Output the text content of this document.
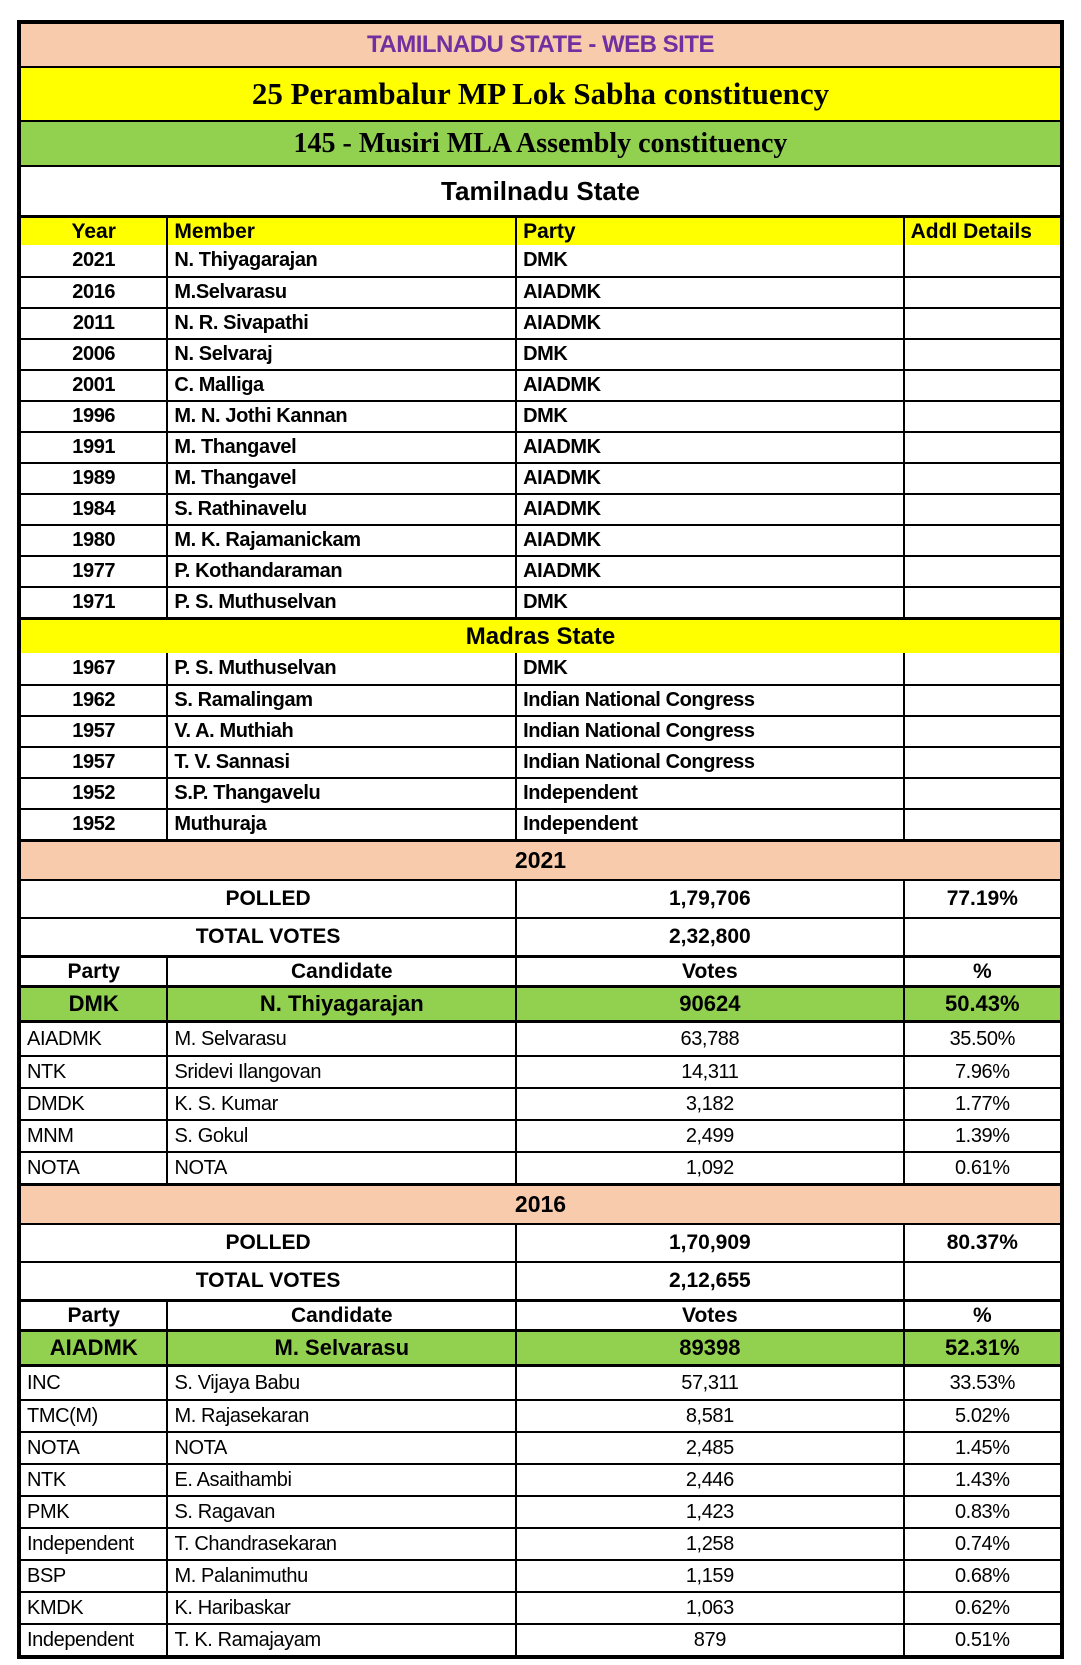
TAMILNADU STATE - WEB SITE
25 Perambalur MP Lok Sabha constituency
145 - Musiri MLA Assembly constituency
Tamilnadu State
Year	Member	Party	Addl Details
2021	N. Thiyagarajan	DMK
2016	M.Selvarasu	AIADMK
2011	N. R. Sivapathi	AIADMK
2006	N. Selvaraj	DMK
2001	C. Malliga	AIADMK
1996	M. N. Jothi Kannan	DMK
1991	M. Thangavel	AIADMK
1989	M. Thangavel	AIADMK
1984	S. Rathinavelu	AIADMK
1980	M. K. Rajamanickam	AIADMK
1977	P. Kothandaraman	AIADMK
1971	P. S. Muthuselvan	DMK
Madras State
1967	P. S. Muthuselvan	DMK
1962	S. Ramalingam	Indian National Congress
1957	V. A. Muthiah	Indian National Congress
1957	T. V. Sannasi	Indian National Congress
1952	S.P. Thangavelu	Independent
1952	Muthuraja	Independent
2021
POLLED	1,79,706	77.19%
TOTAL VOTES	2,32,800
Party	Candidate	Votes	%
DMK	N. Thiyagarajan	90624	50.43%
AIADMK	M. Selvarasu	63,788	35.50%
NTK	Sridevi Ilangovan	14,311	7.96%
DMDK	K. S. Kumar	3,182	1.77%
MNM	S. Gokul	2,499	1.39%
NOTA	NOTA	1,092	0.61%
2016
POLLED	1,70,909	80.37%
TOTAL VOTES	2,12,655
Party	Candidate	Votes	%
AIADMK	M. Selvarasu	89398	52.31%
INC	S. Vijaya Babu	57,311	33.53%
TMC(M)	M. Rajasekaran	8,581	5.02%
NOTA	NOTA	2,485	1.45%
NTK	E. Asaithambi	2,446	1.43%
PMK	S. Ragavan	1,423	0.83%
Independent	T. Chandrasekaran	1,258	0.74%
BSP	M. Palanimuthu	1,159	0.68%
KMDK	K. Haribaskar	1,063	0.62%
Independent	T. K. Ramajayam	879	0.51%
